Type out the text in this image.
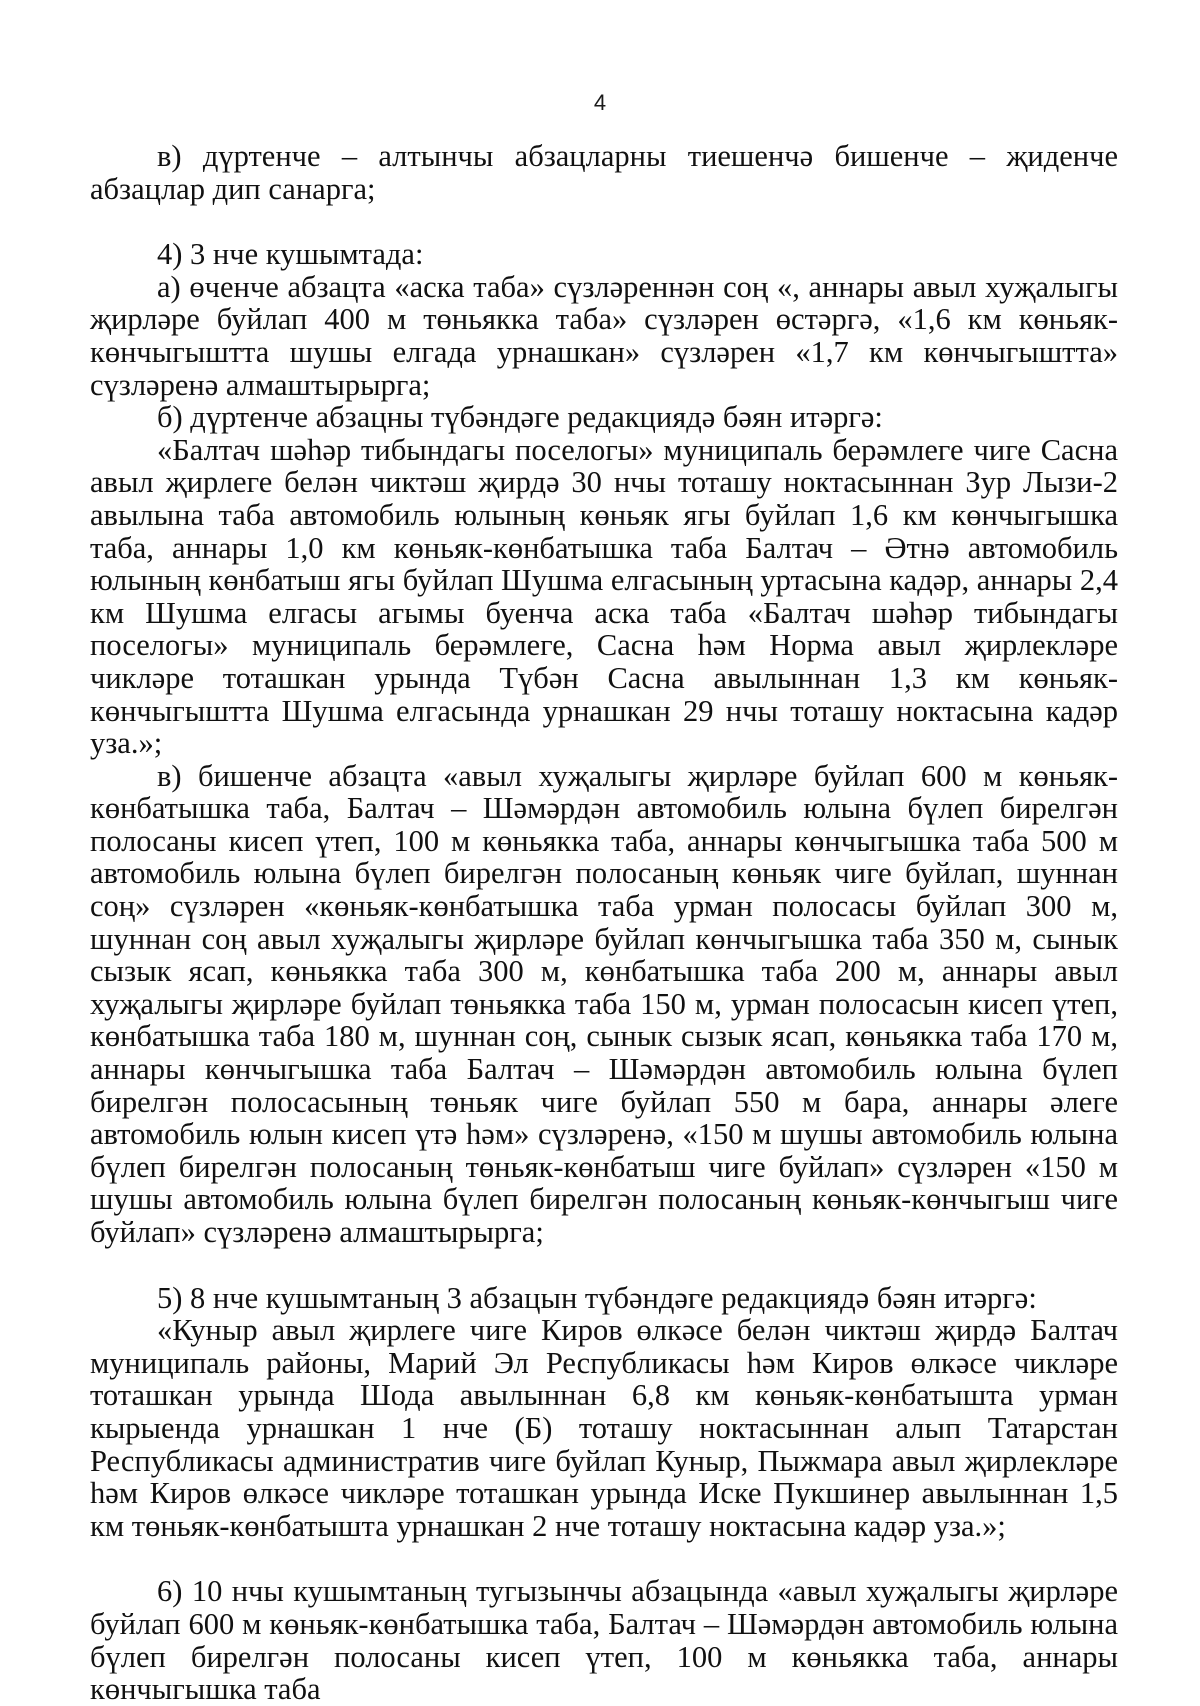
4

в) дүртенче – алтынчы абзацларны тиешенчә бишенче – җиденче абзацлар дип санарга;

4) 3 нче кушымтада:

а) өченче абзацта «аска таба» сүзләреннән соң «, аннары авыл хуҗалыгы җирләре буйлап 400 м төньякка таба» сүзләрен өстәргә, «1,6 км көньяк-көнчыгыштта шушы елгада урнашкан» сүзләрен «1,7 км көнчыгыштта» сүзләренә алмаштырырга;

б) дүртенче абзацны түбәндәге редакциядә бәян итәргә:

«Балтач шәһәр тибындагы поселогы» муниципаль берәмлеге чиге Сасна авыл җирлеге белән чиктәш җирдә 30 нчы тоташу ноктасыннан Зур Лызи-2 авылына таба автомобиль юлының көньяк ягы буйлап 1,6 км көнчыгышка таба, аннары 1,0 км көньяк-көнбатышка таба Балтач – Әтнә автомобиль юлының көнбатыш ягы буйлап Шушма елгасының уртасына кадәр, аннары 2,4 км Шушма елгасы агымы буенча аска таба «Балтач шәһәр тибындагы поселогы» муниципаль берәмлеге, Сасна һәм Норма авыл җирлекләре чикләре тоташкан урында Түбән Сасна авылыннан 1,3 км көньяк-көнчыгыштта Шушма елгасында урнашкан 29 нчы тоташу ноктасына кадәр уза.»;

в) бишенче абзацта «авыл хуҗалыгы җирләре буйлап 600 м көньяк-көнбатышка таба, Балтач – Шәмәрдән автомобиль юлына бүлеп бирелгән полосаны кисеп үтеп, 100 м көньякка таба, аннары көнчыгышка таба 500 м автомобиль юлына бүлеп бирелгән полосаның көньяк чиге буйлап, шуннан соң» сүзләрен «көньяк-көнбатышка таба урман полосасы буйлап 300 м, шуннан соң авыл хуҗалыгы җирләре буйлап көнчыгышка таба 350 м, сынык сызык ясап, көньякка таба 300 м, көнбатышка таба 200 м, аннары авыл хуҗалыгы җирләре буйлап төньякка таба 150 м, урман полосасын кисеп үтеп, көнбатышка таба 180 м, шуннан соң, сынык сызык ясап, көньякка таба 170 м, аннары көнчыгышка таба Балтач – Шәмәрдән автомобиль юлына бүлеп бирелгән полосасының төньяк чиге буйлап 550 м бара, аннары әлеге автомобиль юлын кисеп үтә һәм» сүзләренә, «150 м шушы автомобиль юлына бүлеп бирелгән полосаның төньяк-көнбатыш чиге буйлап» сүзләрен «150 м шушы автомобиль юлына бүлеп бирелгән полосаның көньяк-көнчыгыш чиге буйлап» сүзләренә алмаштырырга;

5) 8 нче кушымтаның 3 абзацын түбәндәге редакциядә бәян итәргә:

«Куныр авыл җирлеге чиге Киров өлкәсе белән чиктәш җирдә Балтач муниципаль районы, Марий Эл Республикасы һәм Киров өлкәсе чикләре тоташкан урында Шода авылыннан 6,8 км көньяк-көнбатышта урман кырыенда урнашкан 1 нче (Б) тоташу ноктасыннан алып Татарстан Республикасы административ чиге буйлап Куныр, Пыжмара авыл җирлекләре һәм Киров өлкәсе чикләре тоташкан урында Иске Пукшинер авылыннан 1,5 км төньяк-көнбатышта урнашкан 2 нче тоташу ноктасына кадәр уза.»;

6) 10 нчы кушымтаның тугызынчы абзацында «авыл хуҗалыгы җирләре буйлап 600 м көньяк-көнбатышка таба, Балтач – Шәмәрдән автомобиль юлына бүлеп бирелгән полосаны кисеп үтеп, 100 м көньякка таба, аннары көнчыгышка таба
